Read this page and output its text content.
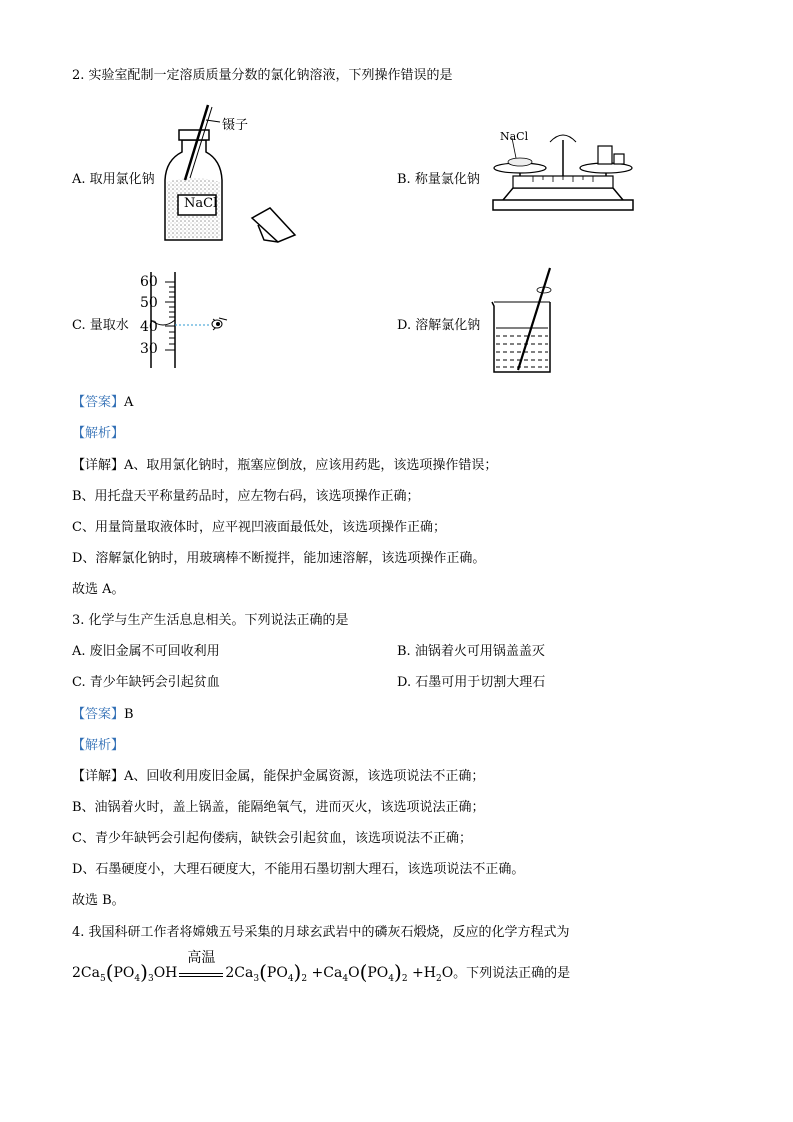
2. 实验室配制一定溶质质量分数的氯化钠溶液，下列操作错误的是
镊子
NaCl
A. 取用氯化钠
NaCl
B. 称量氯化钠
60
50
40
30
C. 量取水	D. 溶解氯化钠
【答案】A
【解析】
【详解】A、取用氯化钠时，瓶塞应倒放，应该用药匙，该选项操作错误；
B、用托盘天平称量药品时，应左物右码，该选项操作正确；
C、用量筒量取液体时，应平视凹液面最低处，该选项操作正确；
D、溶解氯化钠时，用玻璃棒不断搅拌，能加速溶解，该选项操作正确。
故选 A。
3. 化学与生产生活息息相关。下列说法正确的是
A. 废旧金属不可回收利用	B. 油锅着火可用锅盖盖灭
C. 青少年缺钙会引起贫血	D. 石墨可用于切割大理石
【答案】B
【解析】
【详解】A、回收利用废旧金属，能保护金属资源，该选项说法不正确；
B、油锅着火时，盖上锅盖，能隔绝氧气，进而灭火，该选项说法正确；
C、青少年缺钙会引起佝偻病，缺铁会引起贫血，该选项说法不正确；
D、石墨硬度小，大理石硬度大，不能用石墨切割大理石，该选项说法不正确。
故选 B。
4. 我国科研工作者将嫦娥五号采集的月球玄武岩中的磷灰石煅烧，反应的化学方程式为
$2Ca_5(PO_4)_3OH$
高温
$2Ca_3(PO_4)_2 +Ca_4O(PO_4)_2 +H_2O$。下列说法正确的是
